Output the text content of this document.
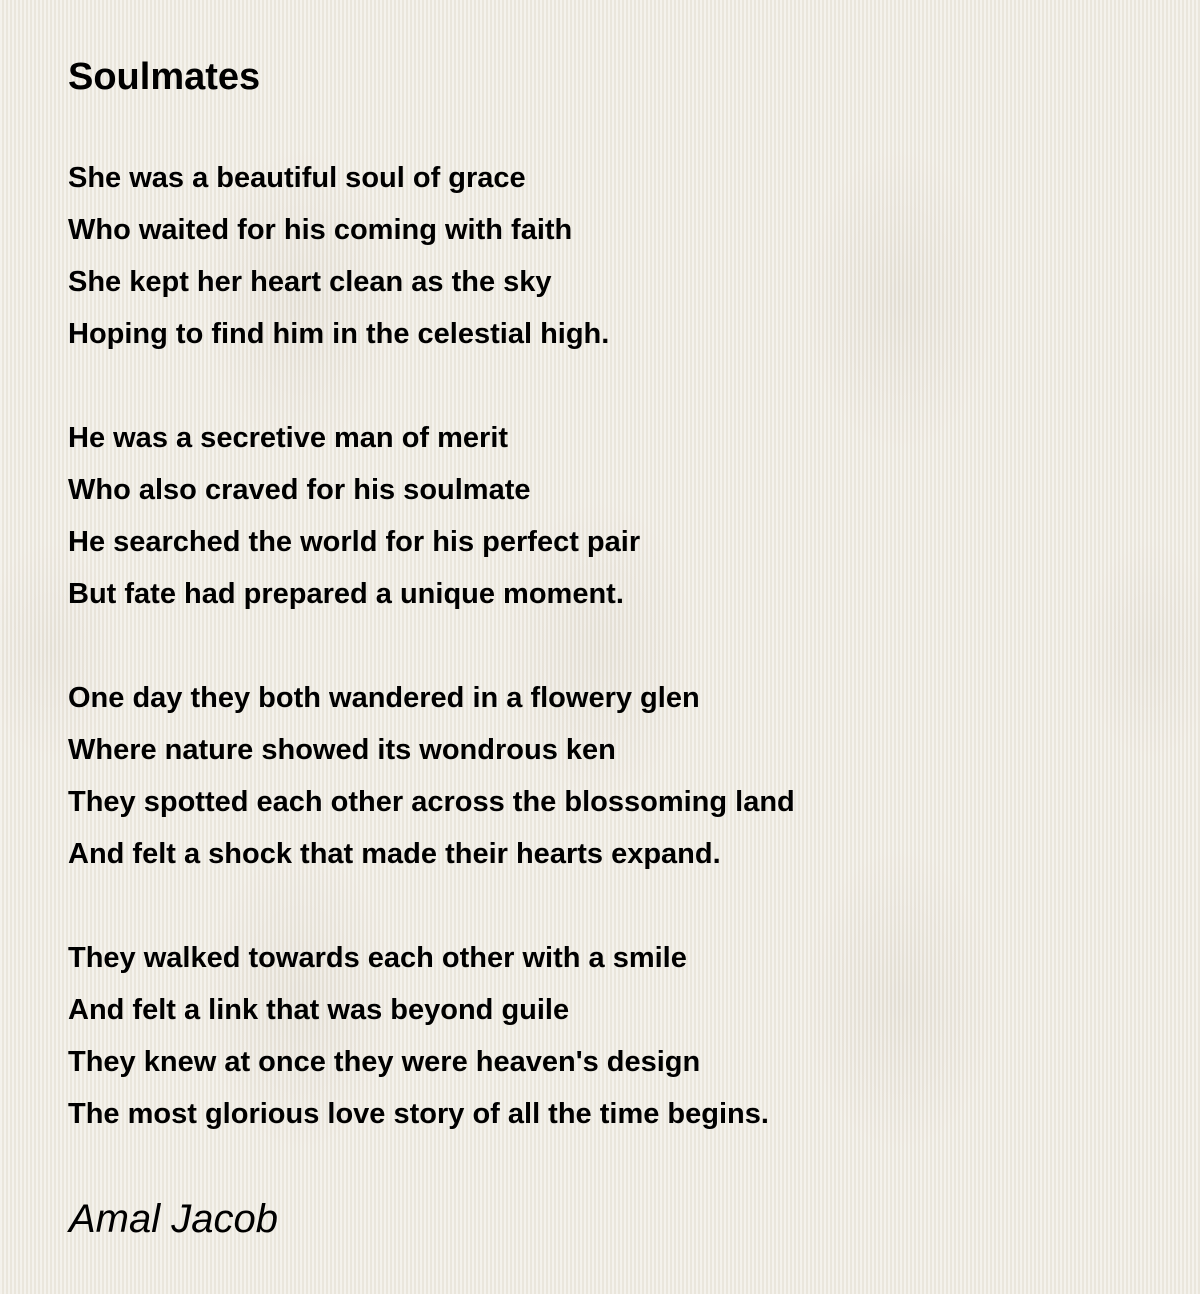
Soulmates
She was a beautiful soul of grace
Who waited for his coming with faith
She kept her heart clean as the sky
Hoping to find him in the celestial high.
He was a secretive man of merit
Who also craved for his soulmate
He searched the world for his perfect pair
But fate had prepared a unique moment.
One day they both wandered in a flowery glen
Where nature showed its wondrous ken
They spotted each other across the blossoming land
And felt a shock that made their hearts expand.
They walked towards each other with a smile
And felt a link that was beyond guile
They knew at once they were heaven's design
The most glorious love story of all the time begins.
Amal Jacob
